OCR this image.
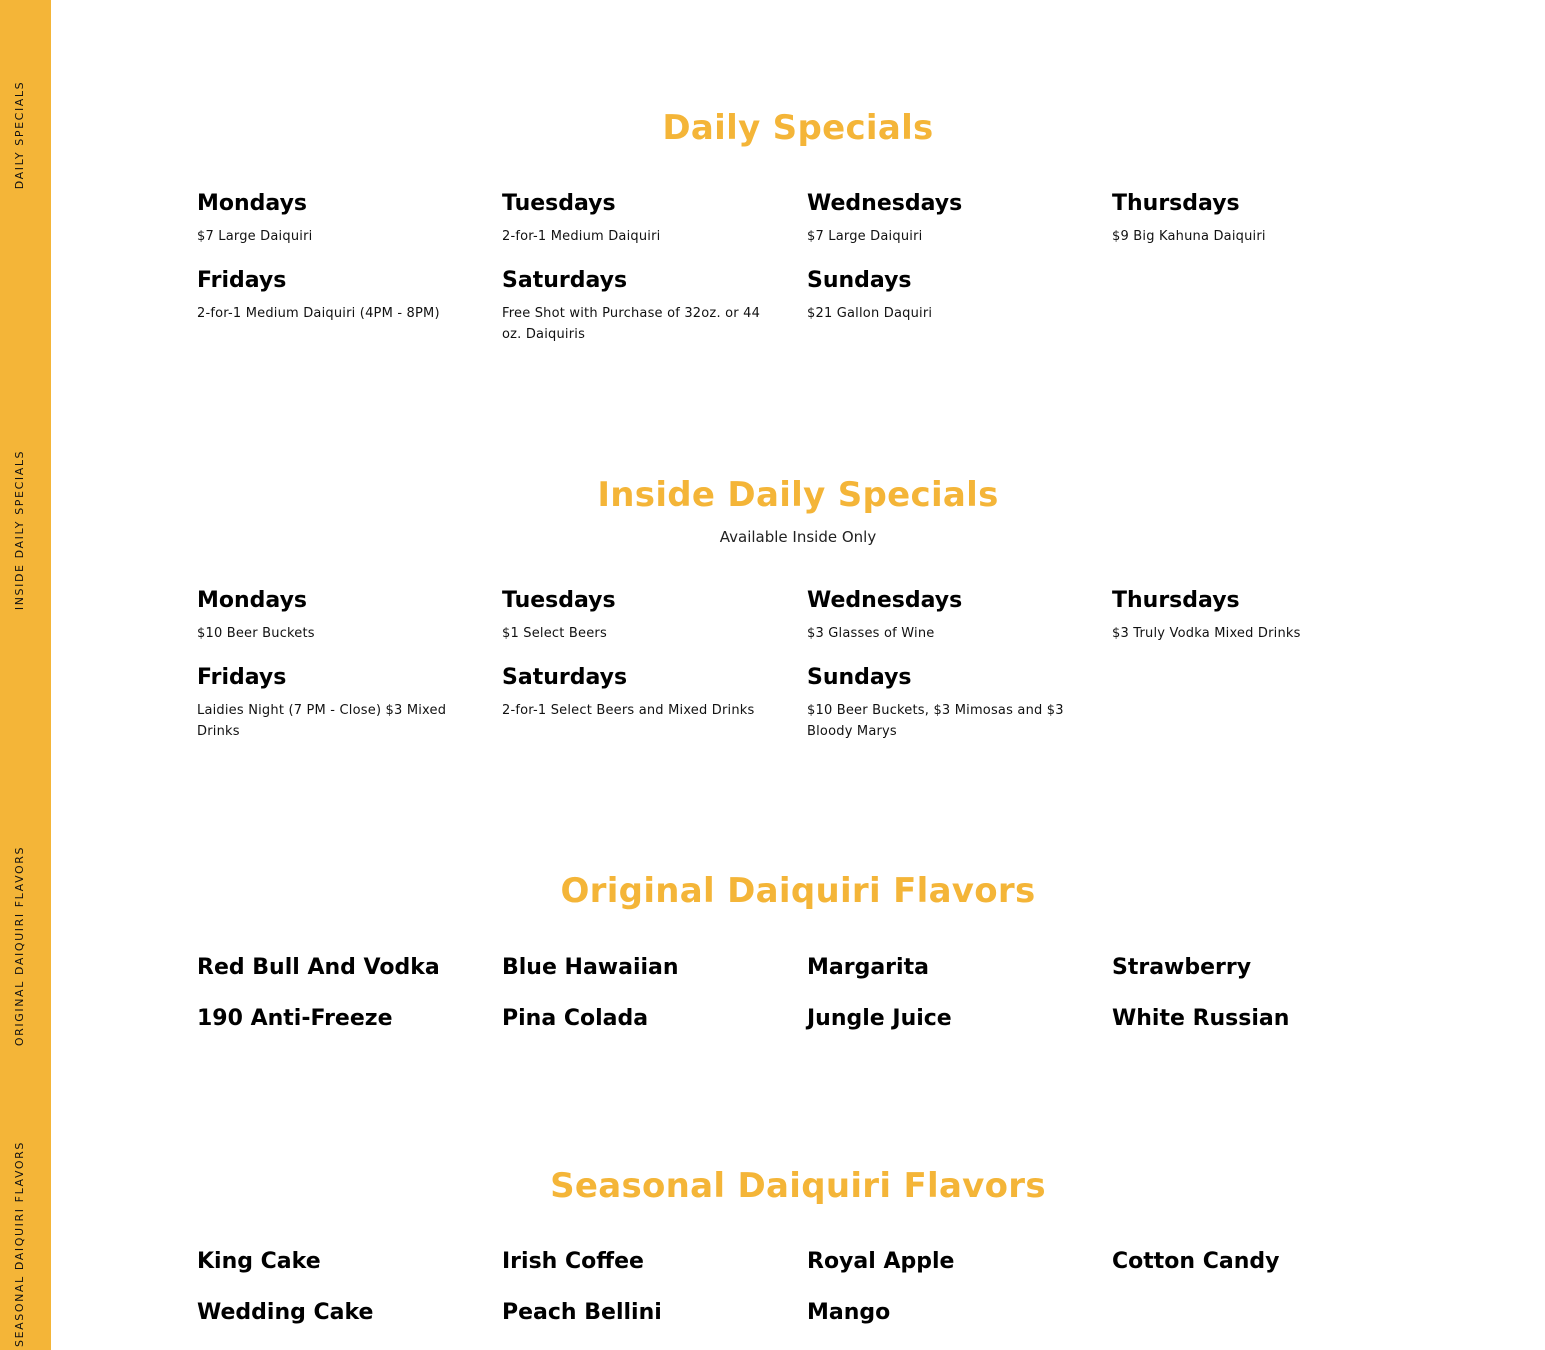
DAILY SPECIALS
INSIDE DAILY SPECIALS
ORIGINAL DAIQUIRI FLAVORS
SEASONAL DAIQUIRI FLAVORS
Daily Specials
Mondays
$7 Large Daiquiri
Tuesdays
2-for-1 Medium Daiquiri
Wednesdays
$7 Large Daiquiri
Thursdays
$9 Big Kahuna Daiquiri
Fridays
2-for-1 Medium Daiquiri (4PM - 8PM)
Saturdays
Free Shot with Purchase of 32oz. or 44 oz. Daiquiris
Sundays
$21 Gallon Daquiri
Inside Daily Specials
Available Inside Only
Mondays
$10 Beer Buckets
Tuesdays
$1 Select Beers
Wednesdays
$3 Glasses of Wine
Thursdays
$3 Truly Vodka Mixed Drinks
Fridays
Laidies Night (7 PM - Close) $3 Mixed Drinks
Saturdays
2-for-1 Select Beers and Mixed Drinks
Sundays
$10 Beer Buckets, $3 Mimosas and $3 Bloody Marys
Original Daiquiri Flavors
Red Bull And Vodka	Blue Hawaiian	Margarita	Strawberry
190 Anti-Freeze	Pina Colada	Jungle Juice	White Russian
Seasonal Daiquiri Flavors
King Cake	Irish Coffee	Royal Apple	Cotton Candy
Wedding Cake	Peach Bellini	Mango
